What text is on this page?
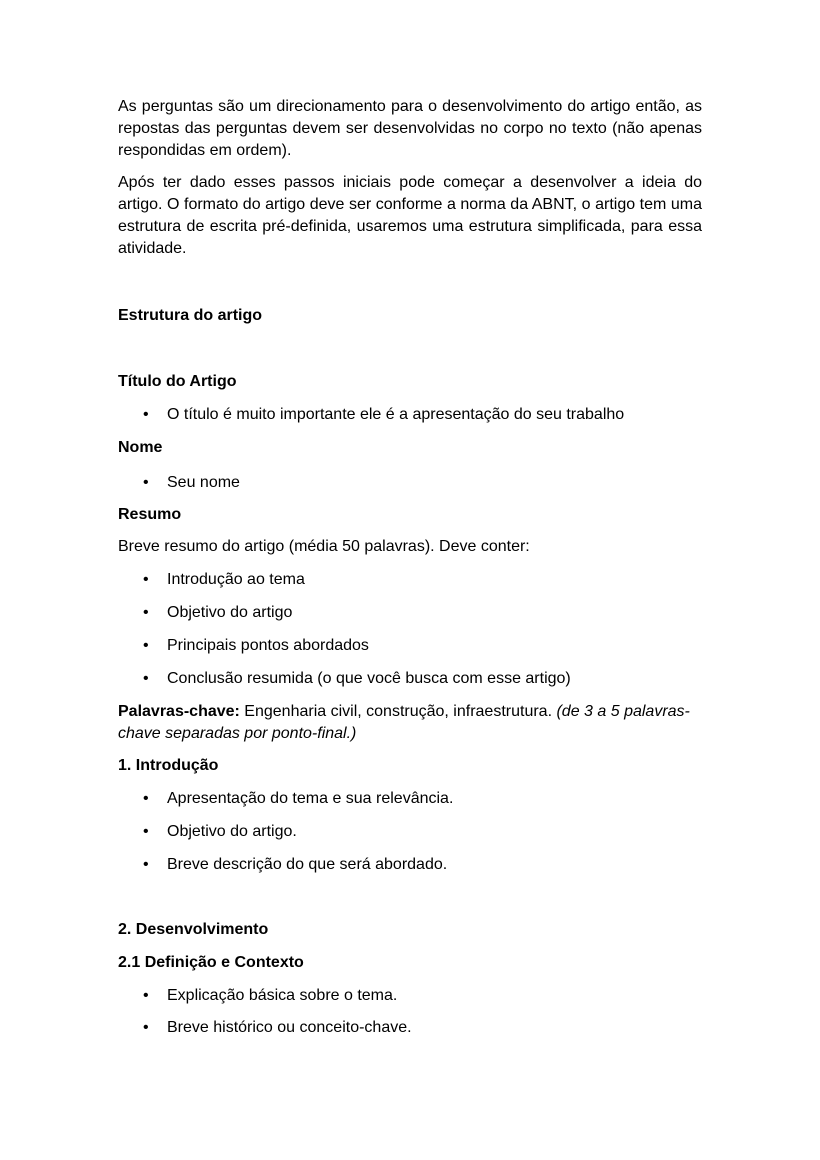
As perguntas são um direcionamento para o desenvolvimento do artigo então, as repostas das perguntas devem ser desenvolvidas no corpo no texto (não apenas respondidas em ordem).

Após ter dado esses passos iniciais pode começar a desenvolver a ideia do artigo. O formato do artigo deve ser conforme a norma da ABNT, o artigo tem uma estrutura de escrita pré-definida, usaremos uma estrutura simplificada, para essa atividade.

Estrutura do artigo

Título do Artigo

• O título é muito importante ele é a apresentação do seu trabalho

Nome

• Seu nome

Resumo

Breve resumo do artigo (média 50 palavras). Deve conter:

• Introdução ao tema
• Objetivo do artigo
• Principais pontos abordados
• Conclusão resumida (o que você busca com esse artigo)

Palavras-chave: Engenharia civil, construção, infraestrutura. (de 3 a 5 palavras-chave separadas por ponto-final.)

1. Introdução

• Apresentação do tema e sua relevância.
• Objetivo do artigo.
• Breve descrição do que será abordado.

2. Desenvolvimento

2.1 Definição e Contexto

• Explicação básica sobre o tema.
• Breve histórico ou conceito-chave.
